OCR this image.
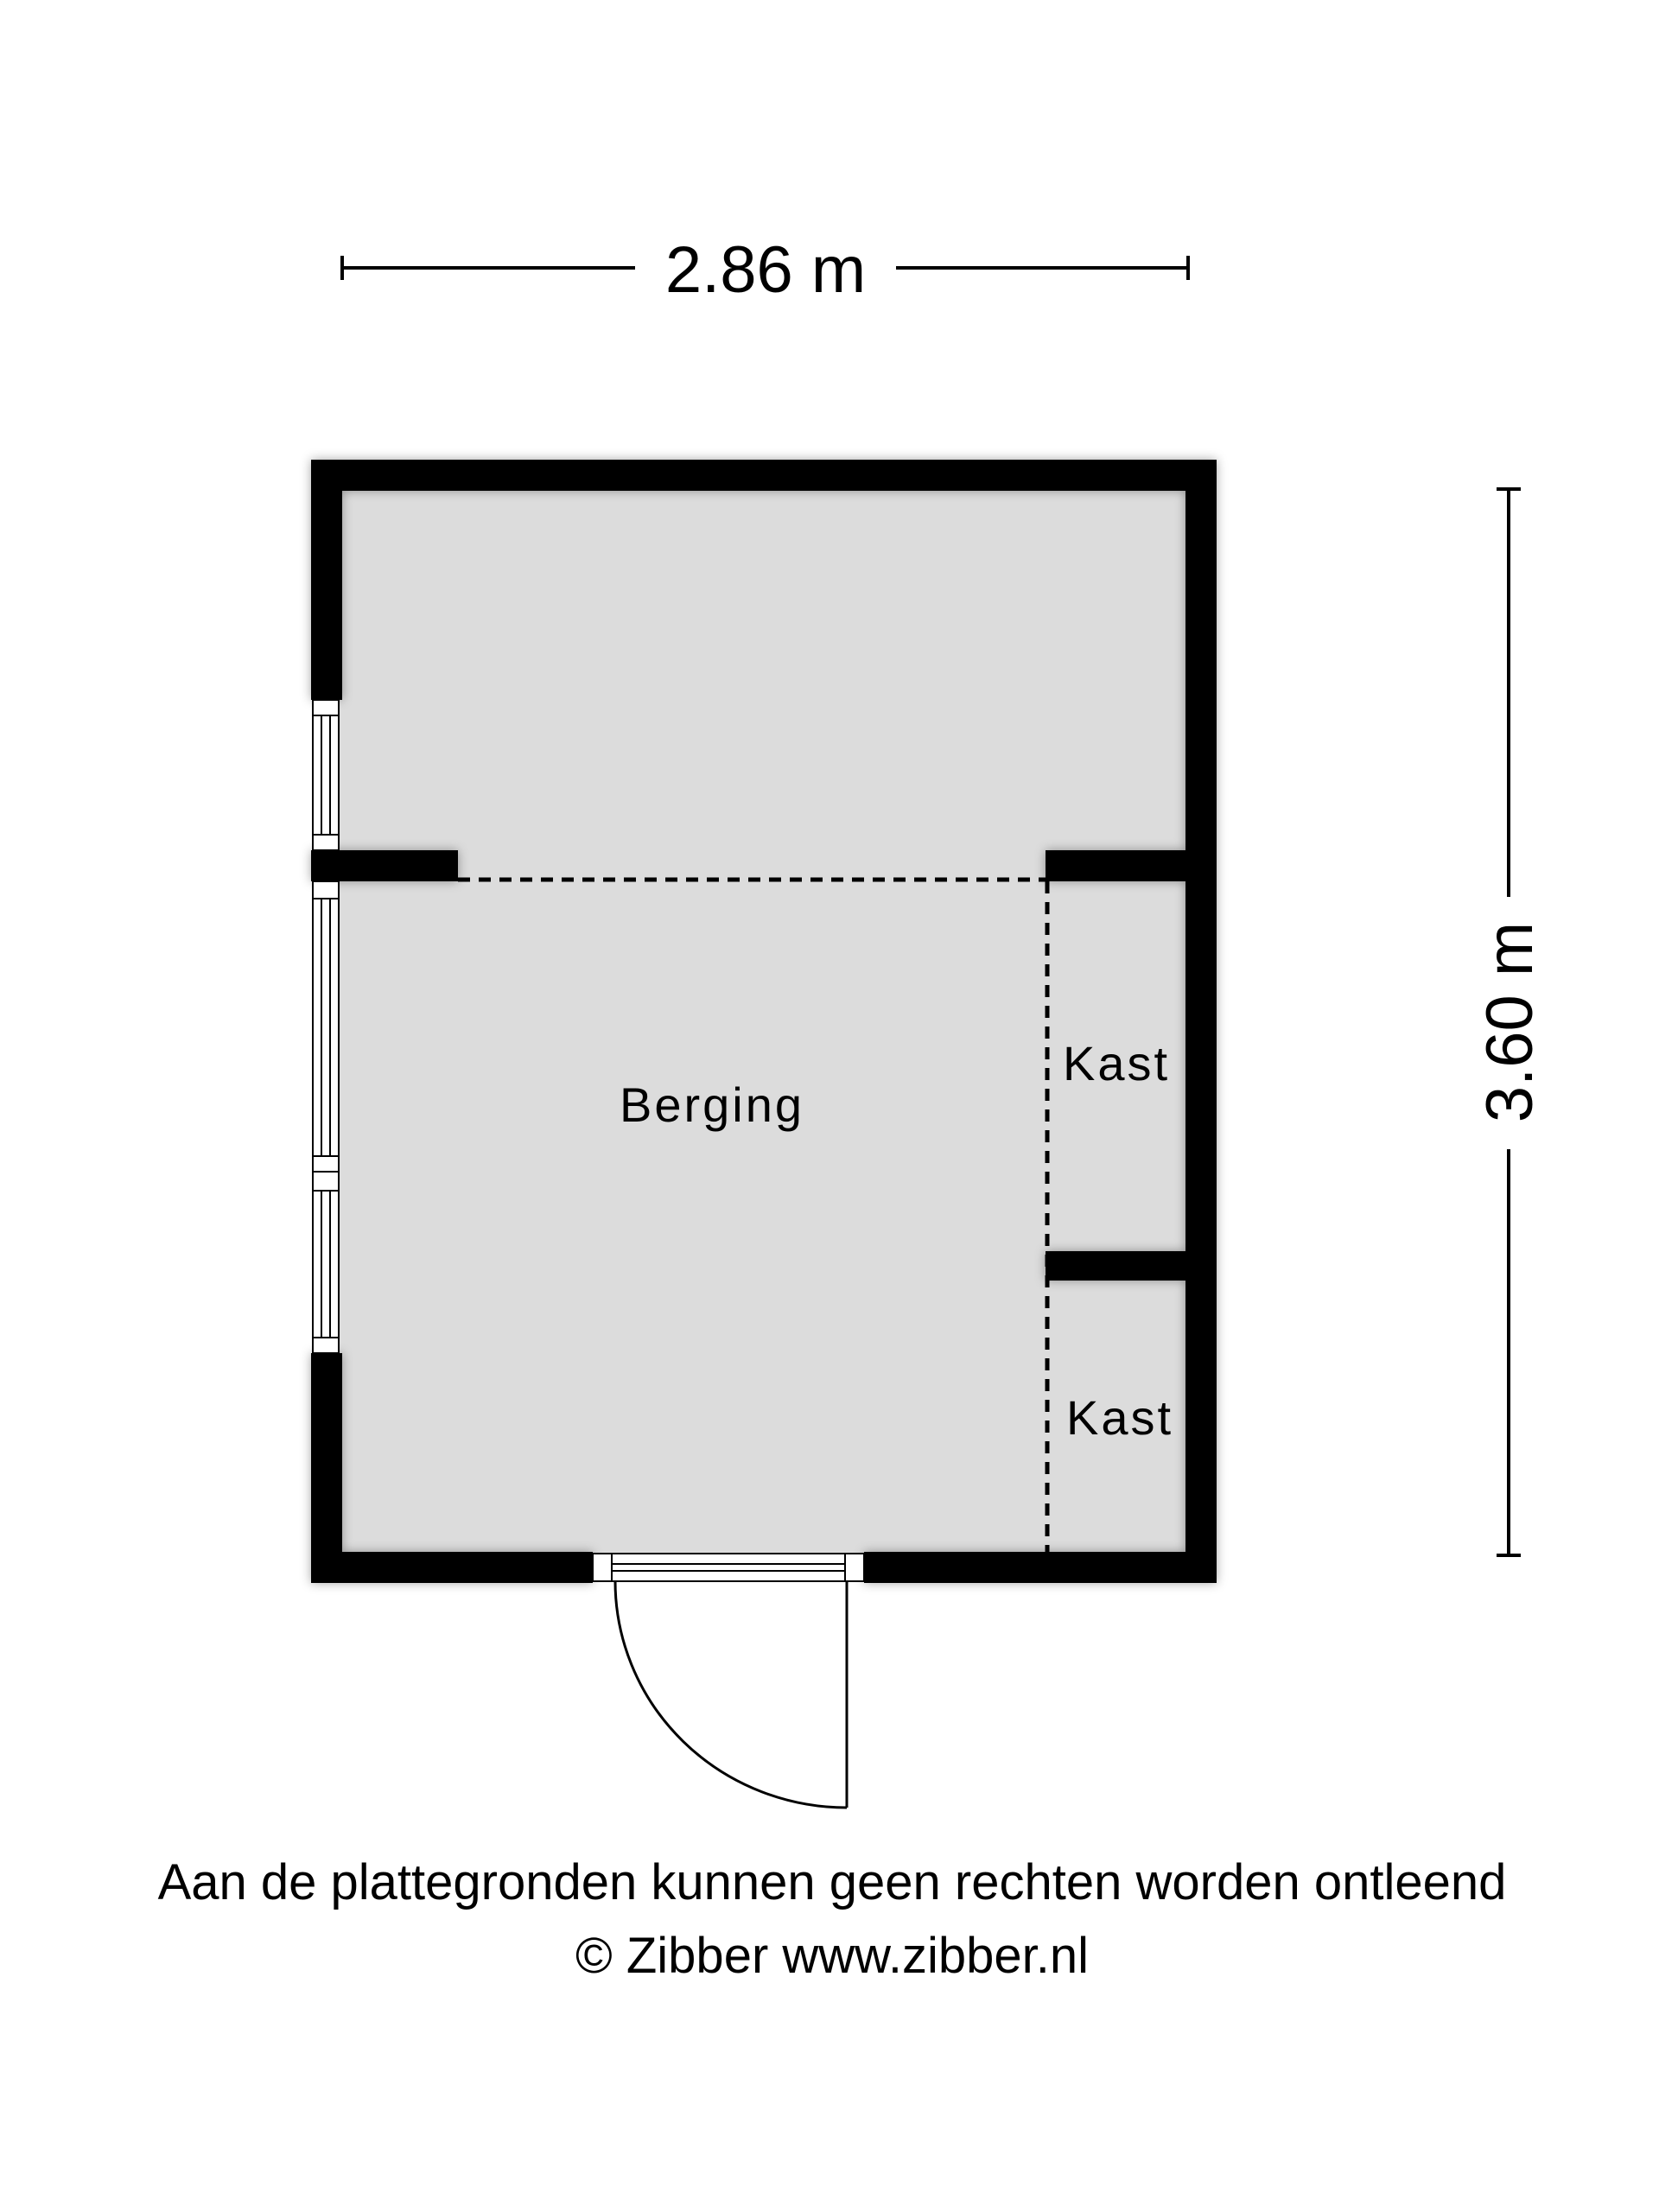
2.86 m
3.60 m
Berging
Kast
Kast
Aan de plattegronden kunnen geen rechten worden ontleend
© Zibber www.zibber.nl
